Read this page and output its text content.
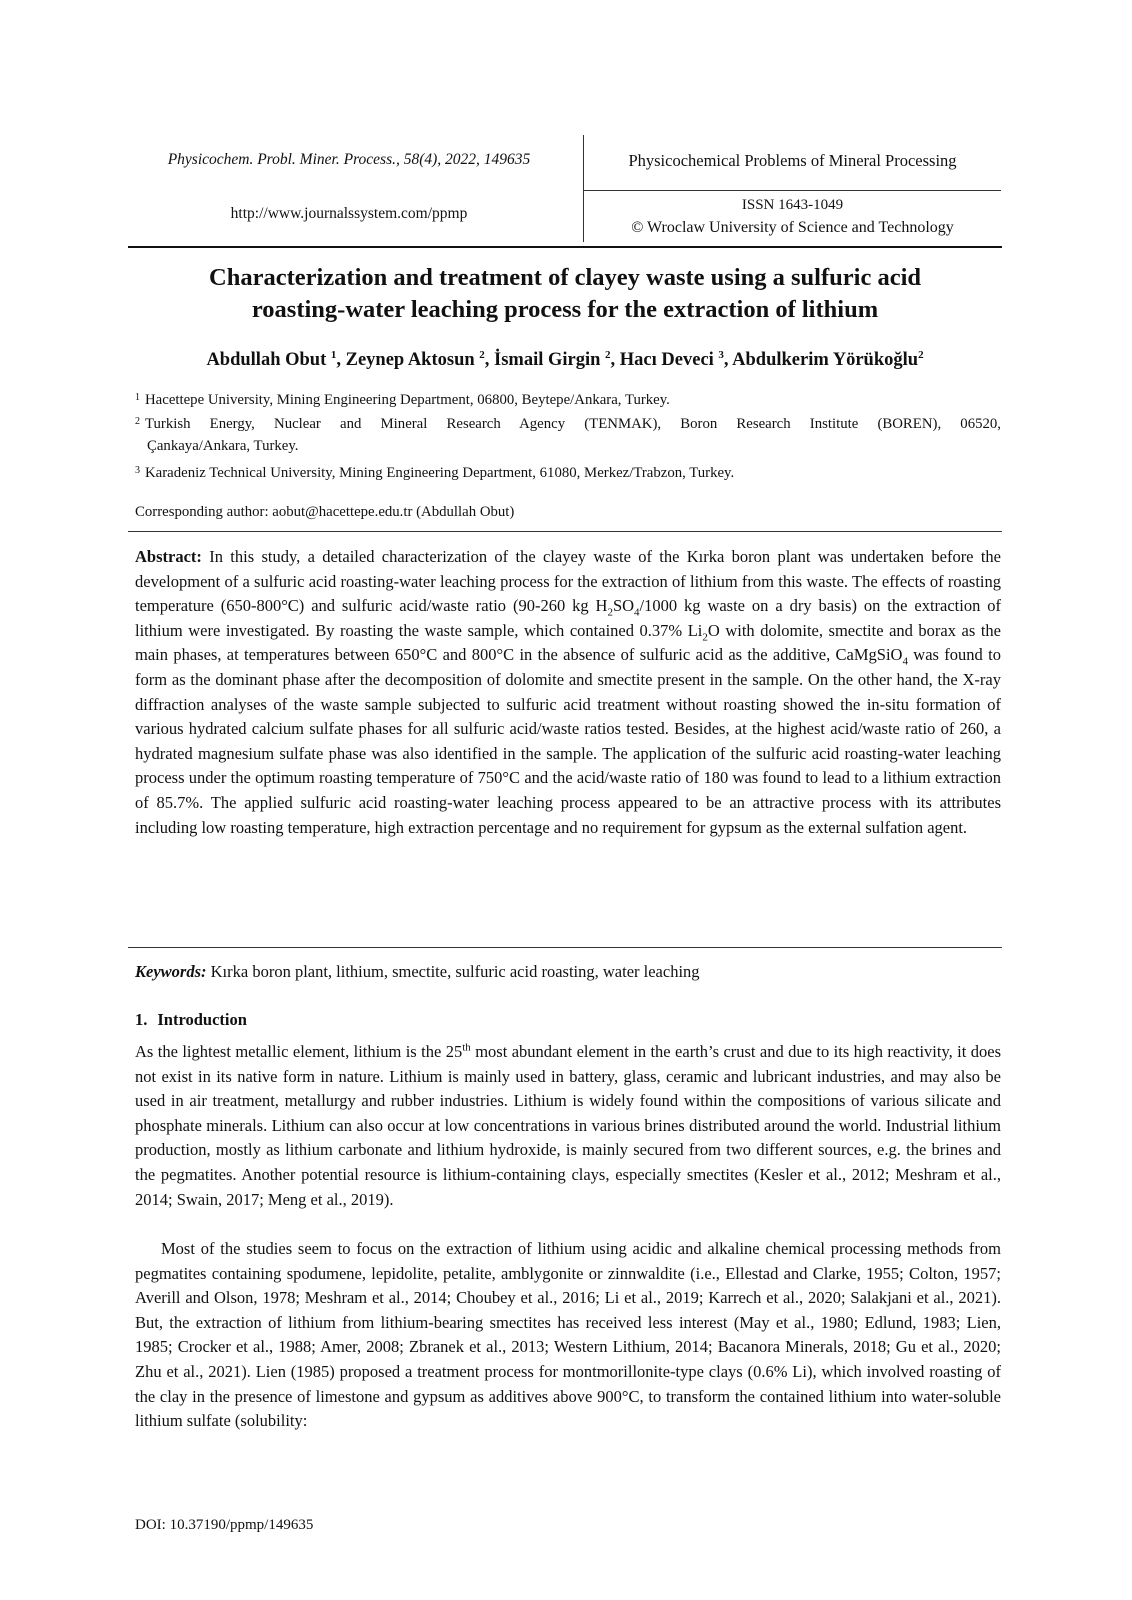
Physicochem. Probl. Miner. Process., 58(4), 2022, 149635
http://www.journalssystem.com/ppmp
Physicochemical Problems of Mineral Processing
ISSN 1643-1049
© Wroclaw University of Science and Technology
Characterization and treatment of clayey waste using a sulfuric acid
roasting-water leaching process for the extraction of lithium
Abdullah Obut $^1$, Zeynep Aktosun $^2$, İsmail Girgin $^2$, Hacı Deveci $^3$, Abdulkerim Yörükoğlu$^2$
$^1$ Hacettepe University, Mining Engineering Department, 06800, Beytepe/Ankara, Turkey.
$^2$ Turkish Energy, Nuclear and Mineral Research Agency (TENMAK), Boron Research Institute (BOREN), 06520,
Çankaya/Ankara, Turkey.
$^3$ Karadeniz Technical University, Mining Engineering Department, 61080, Merkez/Trabzon, Turkey.
Corresponding author: aobut@hacettepe.edu.tr (Abdullah Obut)

Abstract: In this study, a detailed characterization of the clayey waste of the Kırka boron plant was undertaken before the development of a sulfuric acid roasting-water leaching process for the extraction of lithium from this waste. The effects of roasting temperature (650-800°C) and sulfuric acid/waste ratio (90-260 kg $H_2SO_4/1000$ kg waste on a dry basis) on the extraction of lithium were investigated. By roasting the waste sample, which contained 0.37% $Li_2O$ with dolomite, smectite and borax as the main phases, at temperatures between 650°C and 800°C in the absence of sulfuric acid as the additive, CaMgSiO$_4$ was found to form as the dominant phase after the decomposition of dolomite and smectite present in the sample. On the other hand, the X-ray diffraction analyses of the waste sample subjected to sulfuric acid treatment without roasting showed the in-situ formation of various hydrated calcium sulfate phases for all sulfuric acid/waste ratios tested. Besides, at the highest acid/waste ratio of 260, a hydrated magnesium sulfate phase was also identified in the sample. The application of the sulfuric acid roasting-water leaching process under the optimum roasting temperature of 750°C and the acid/waste ratio of 180 was found to lead to a lithium extraction of 85.7%. The applied sulfuric acid roasting-water leaching process appeared to be an attractive process with its attributes including low roasting temperature, high extraction percentage and no requirement for gypsum as the external sulfation agent.

Keywords: Kırka boron plant, lithium, smectite, sulfuric acid roasting, water leaching
1. Introduction

As the lightest metallic element, lithium is the 25th most abundant element in the earth’s crust and due to its high reactivity, it does not exist in its native form in nature. Lithium is mainly used in battery, glass, ceramic and lubricant industries, and may also be used in air treatment, metallurgy and rubber industries. Lithium is widely found within the compositions of various silicate and phosphate minerals. Lithium can also occur at low concentrations in various brines distributed around the world. Industrial lithium production, mostly as lithium carbonate and lithium hydroxide, is mainly secured from two different sources, e.g. the brines and the pegmatites. Another potential resource is lithium-containing clays, especially smectites (Kesler et al., 2012; Meshram et al., 2014; Swain, 2017; Meng et al., 2019).

Most of the studies seem to focus on the extraction of lithium using acidic and alkaline chemical processing methods from pegmatites containing spodumene, lepidolite, petalite, amblygonite or zinnwaldite (i.e., Ellestad and Clarke, 1955; Colton, 1957; Averill and Olson, 1978; Meshram et al., 2014; Choubey et al., 2016; Li et al., 2019; Karrech et al., 2020; Salakjani et al., 2021). But, the extraction of lithium from lithium-bearing smectites has received less interest (May et al., 1980; Edlund, 1983; Lien, 1985; Crocker et al., 1988; Amer, 2008; Zbranek et al., 2013; Western Lithium, 2014; Bacanora Minerals, 2018; Gu et al., 2020; Zhu et al., 2021). Lien (1985) proposed a treatment process for montmorillonite-type clays (0.6% Li), which involved roasting of the clay in the presence of limestone and gypsum as additives above 900°C, to transform the contained lithium into water-soluble lithium sulfate (solubility:

DOI: 10.37190/ppmp/149635
